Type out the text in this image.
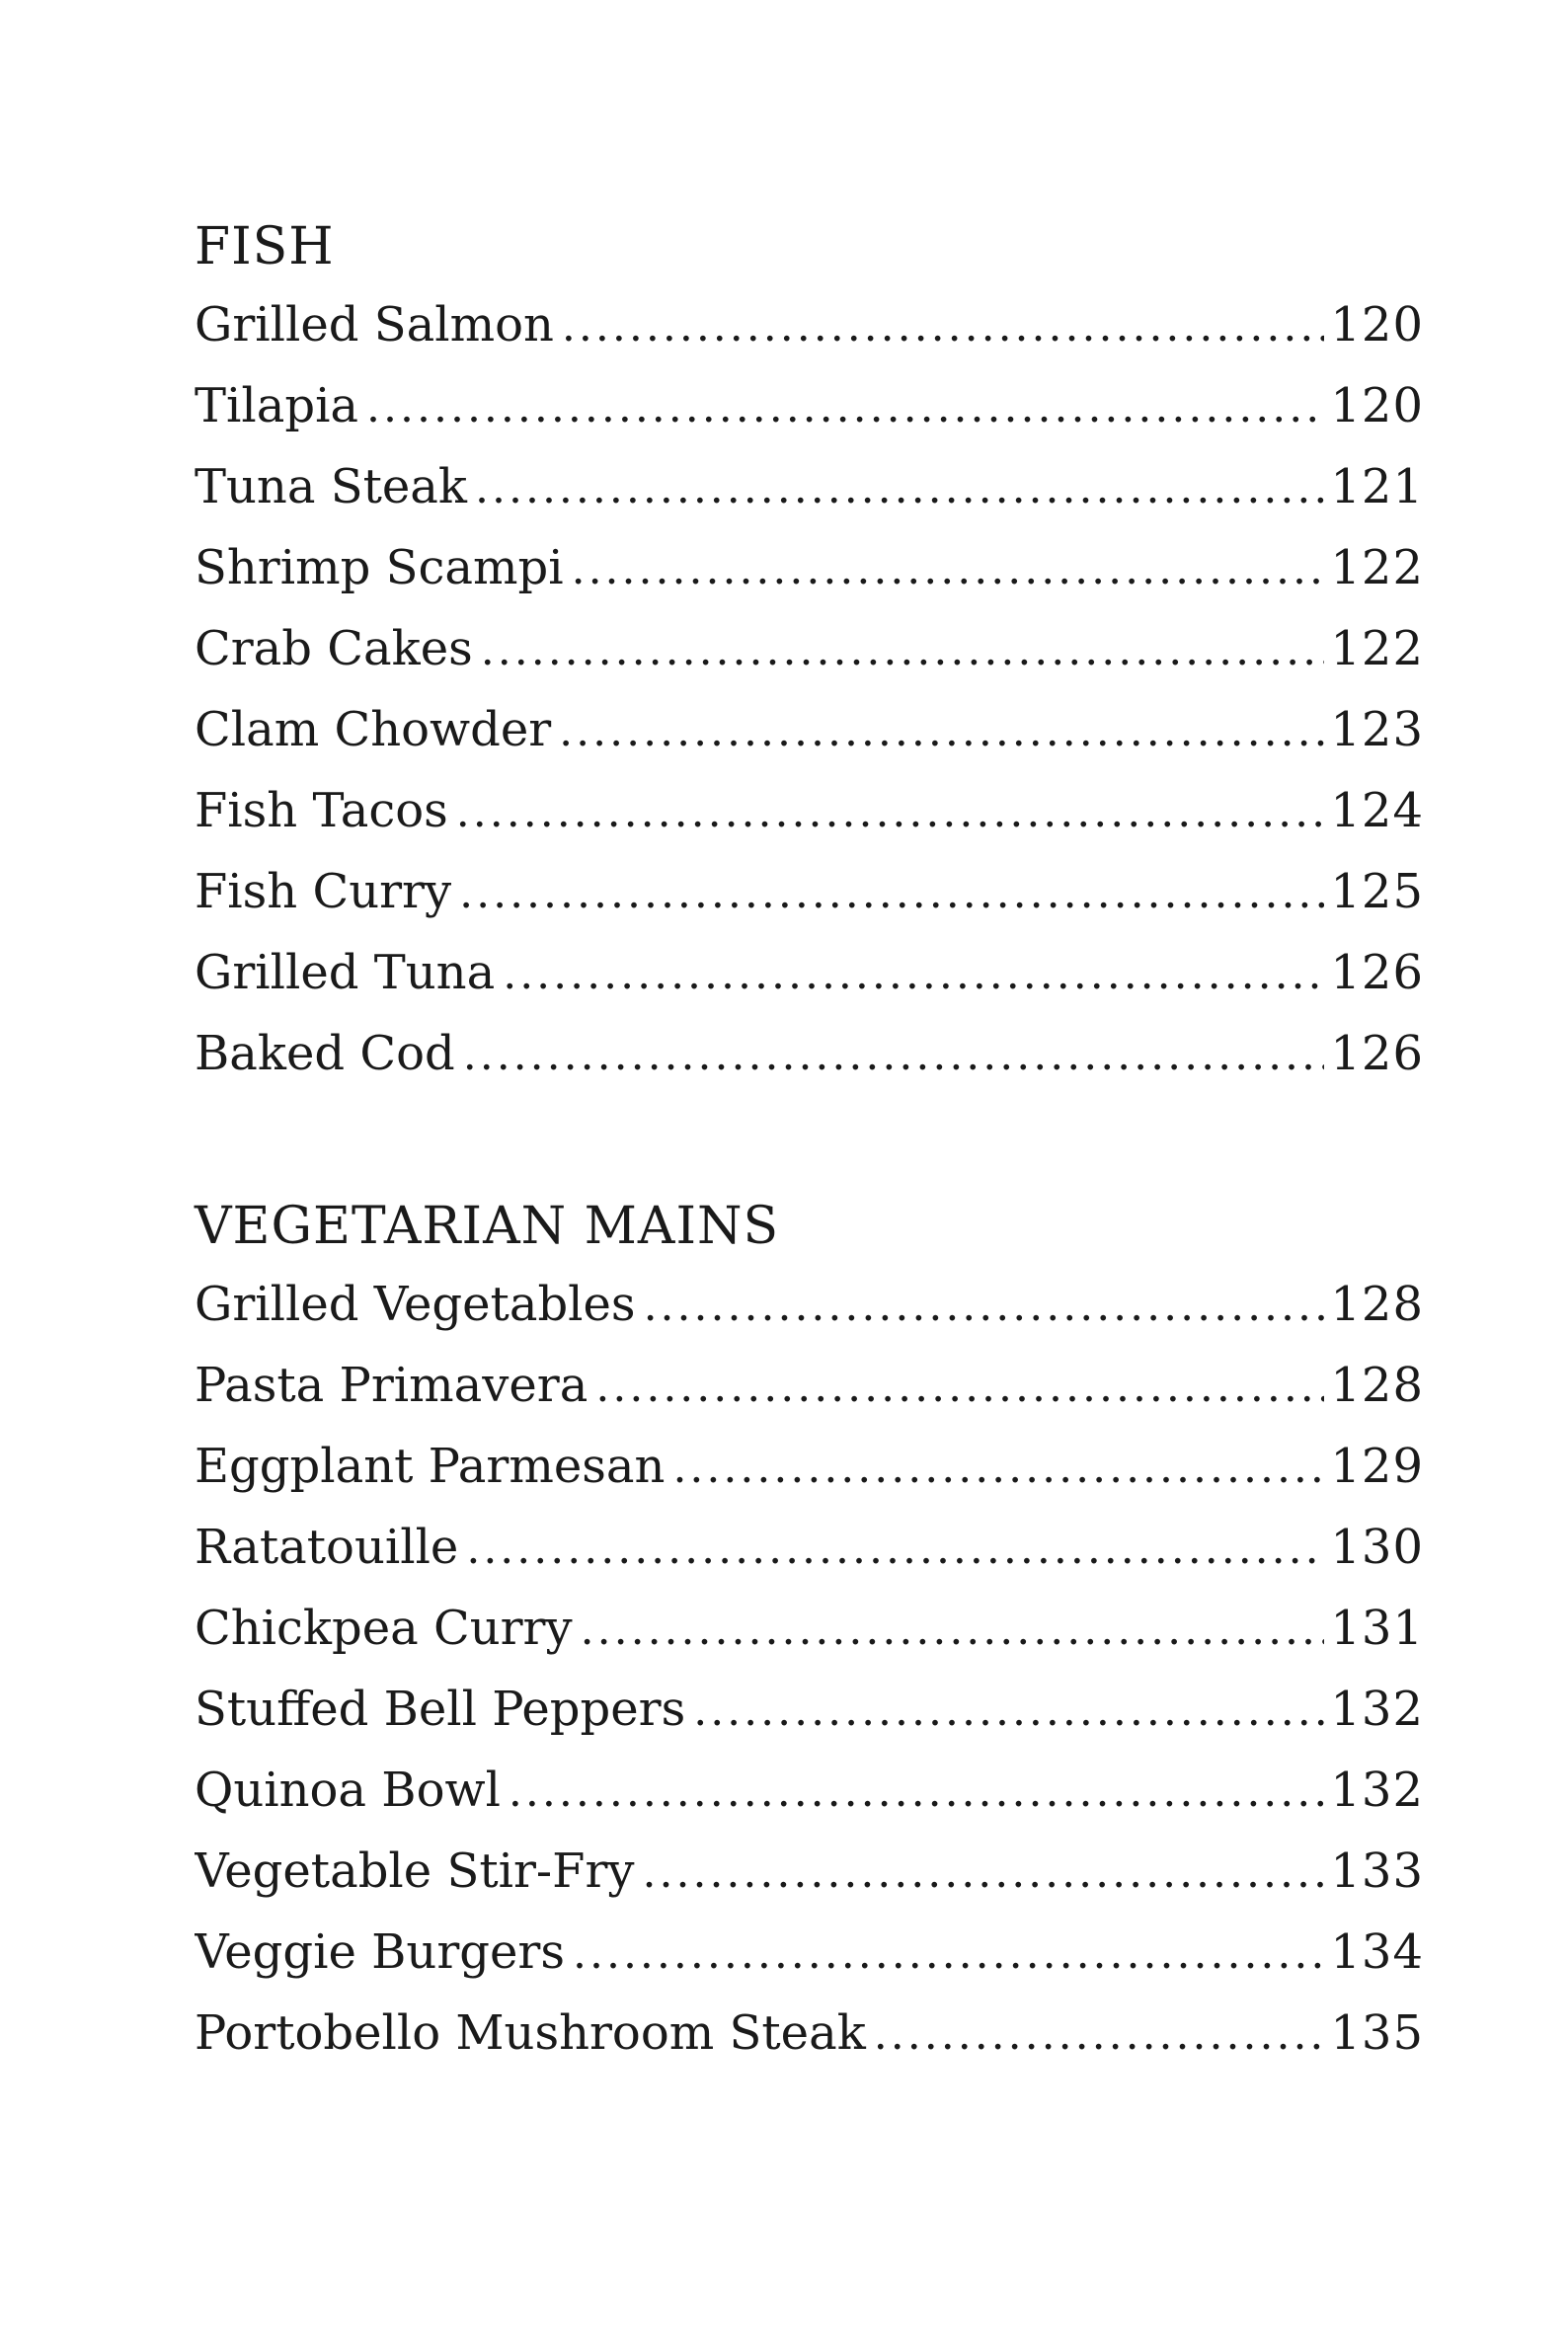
FISH
Grilled Salmon .....	120
Tilapia .....	120
Tuna Steak .....	121
Shrimp Scampi .....	122
Crab Cakes .....	122
Clam Chowder .....	123
Fish Tacos .....	124
Fish Curry .....	125
Grilled Tuna .....	126
Baked Cod .....	126
VEGETARIAN MAINS
Grilled Vegetables .....	128
Pasta Primavera .....	128
Eggplant Parmesan .....	129
Ratatouille .....	130
Chickpea Curry .....	131
Stuffed Bell Peppers .....	132
Quinoa Bowl .....	132
Vegetable Stir-Fry .....	133
Veggie Burgers .....	134
Portobello Mushroom Steak .....	135
